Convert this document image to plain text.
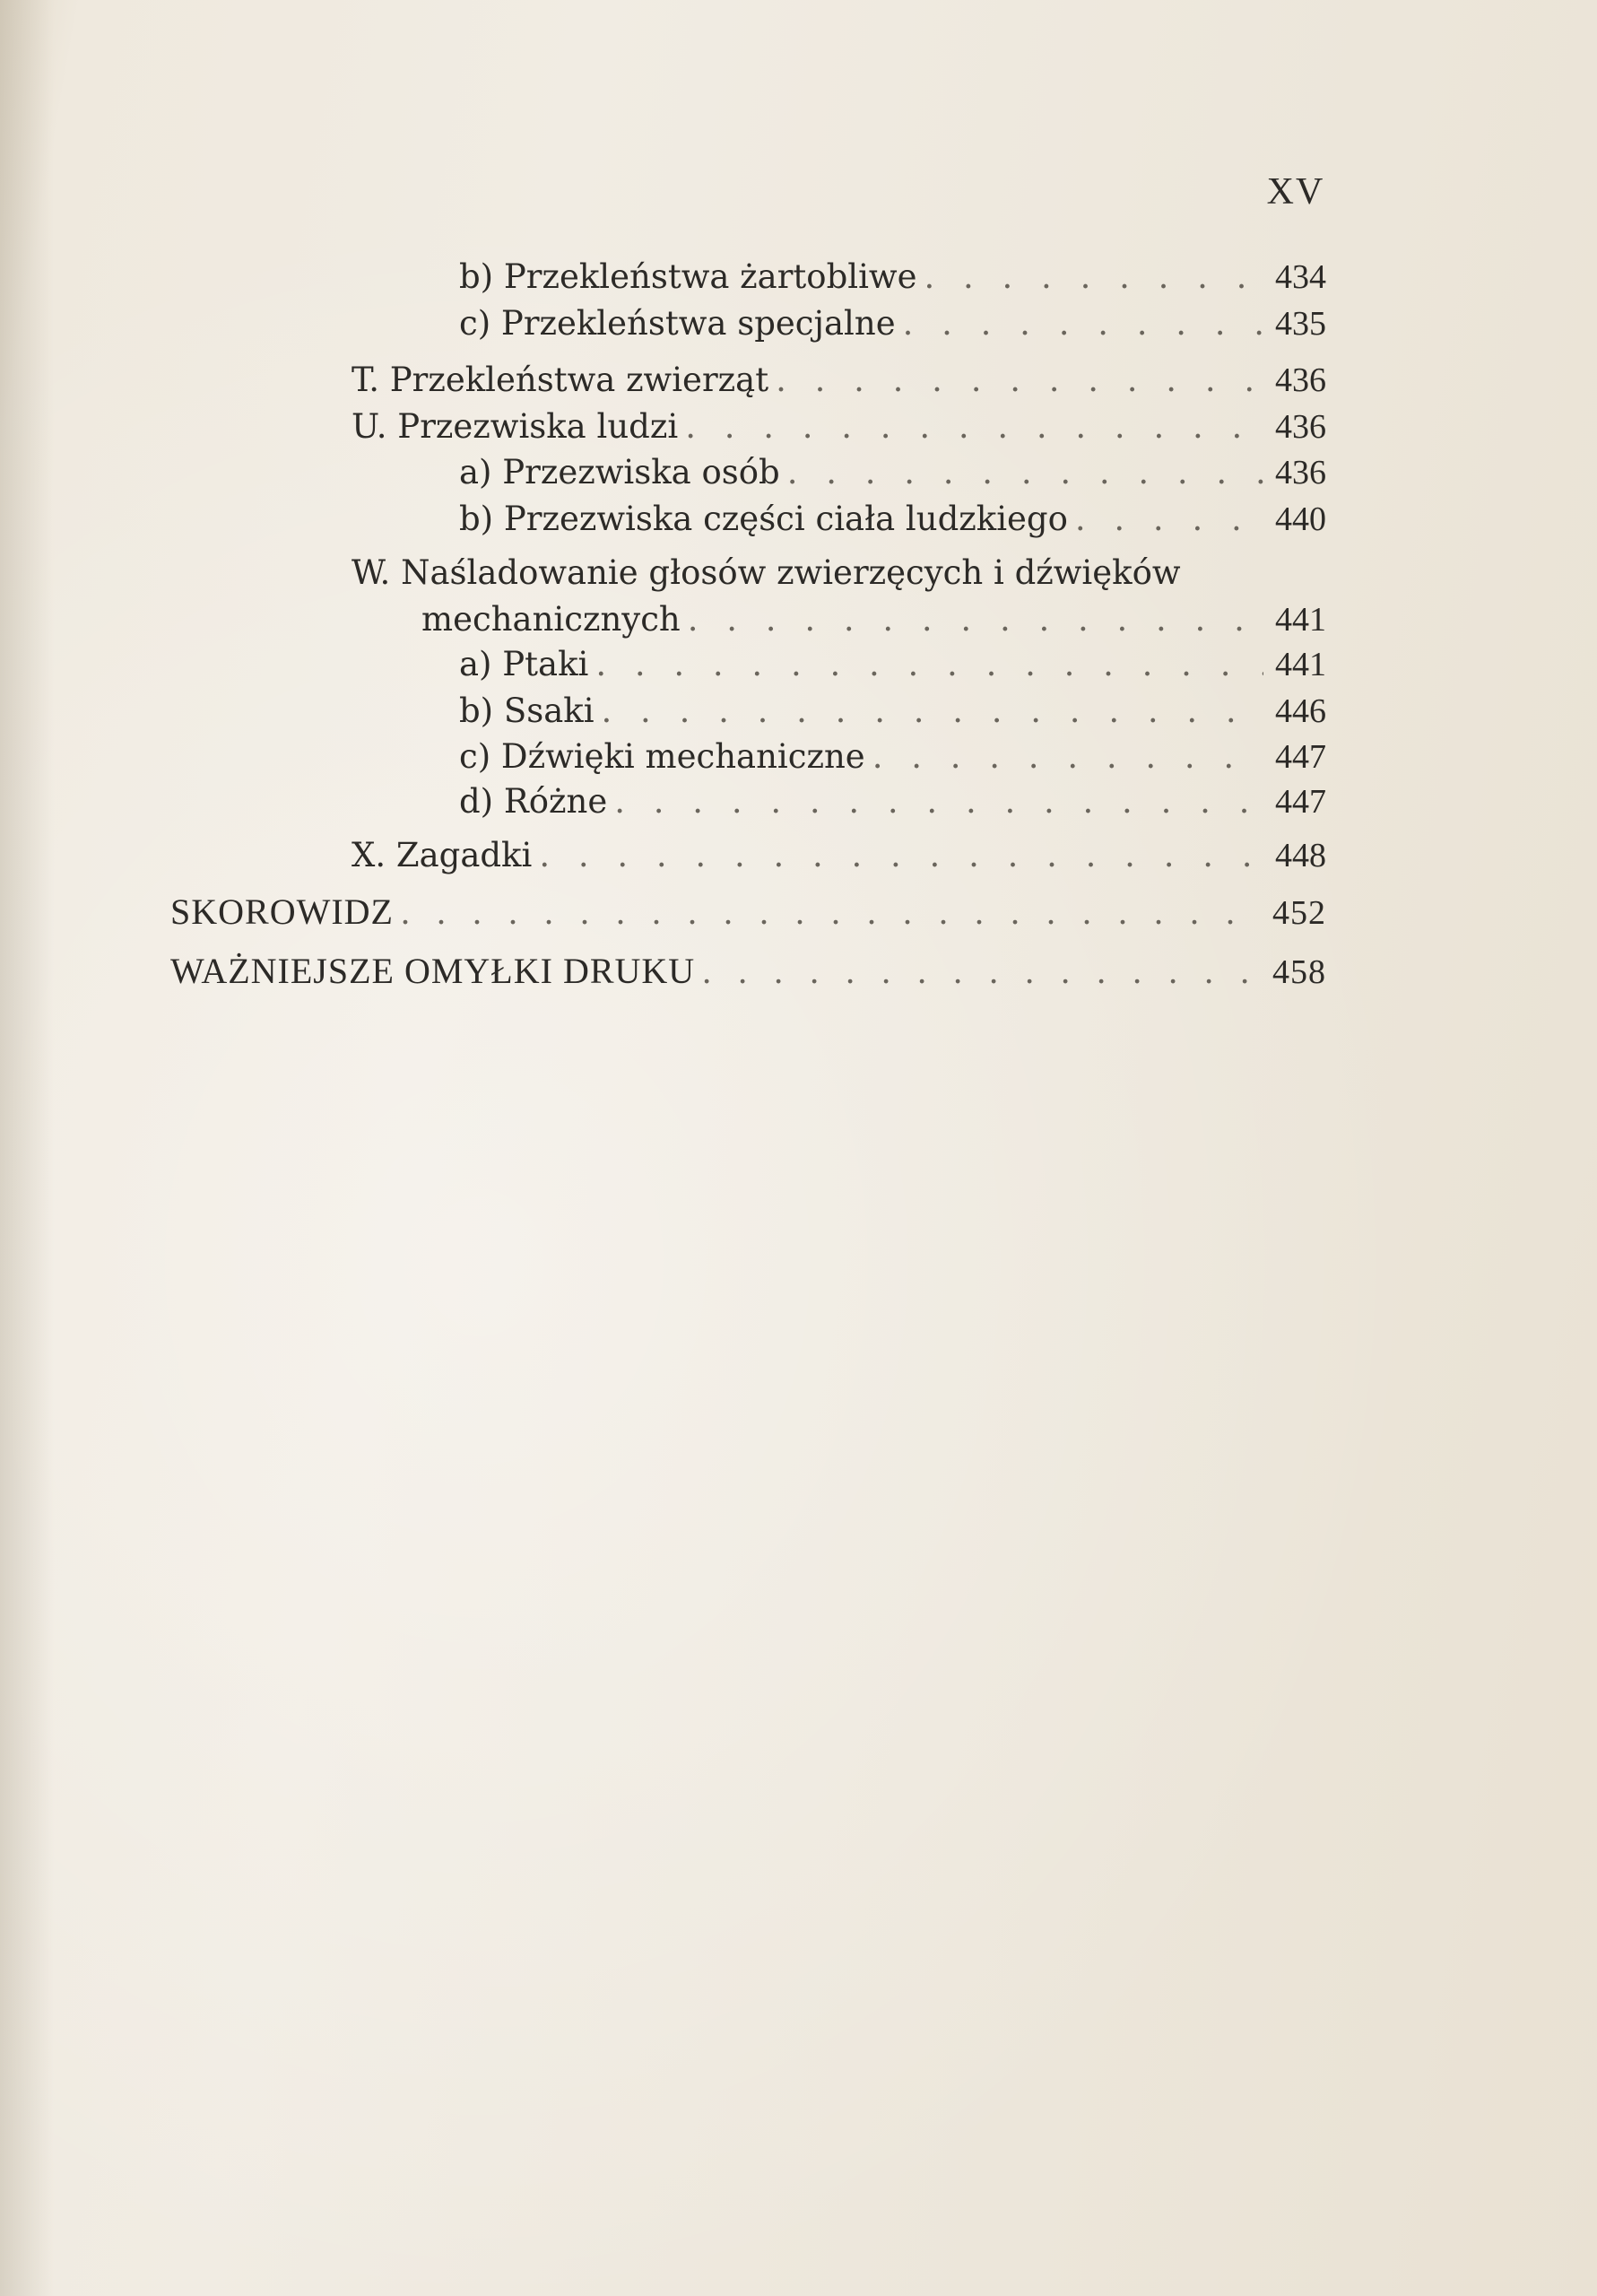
XV
b) Przekleństwa żartobliwe . . .	434
c) Przekleństwa specjalne . . .	435
T. Przekleństwa zwierząt . . .	436
U. Przezwiska ludzi . . .	436
a) Przezwiska osób . . .	436
b) Przezwiska części ciała ludzkiego . . .	440
W. Naśladowanie głosów zwierzęcych i dźwięków
mechanicznych . . .	441
a) Ptaki . . .	441
b) Ssaki . . .	446
c) Dźwięki mechaniczne . . .	447
d) Różne . . .	447
X. Zagadki . . .	448
SKOROWIDZ . . .	452
WAŻNIEJSZE OMYŁKI DRUKU . . .	458
